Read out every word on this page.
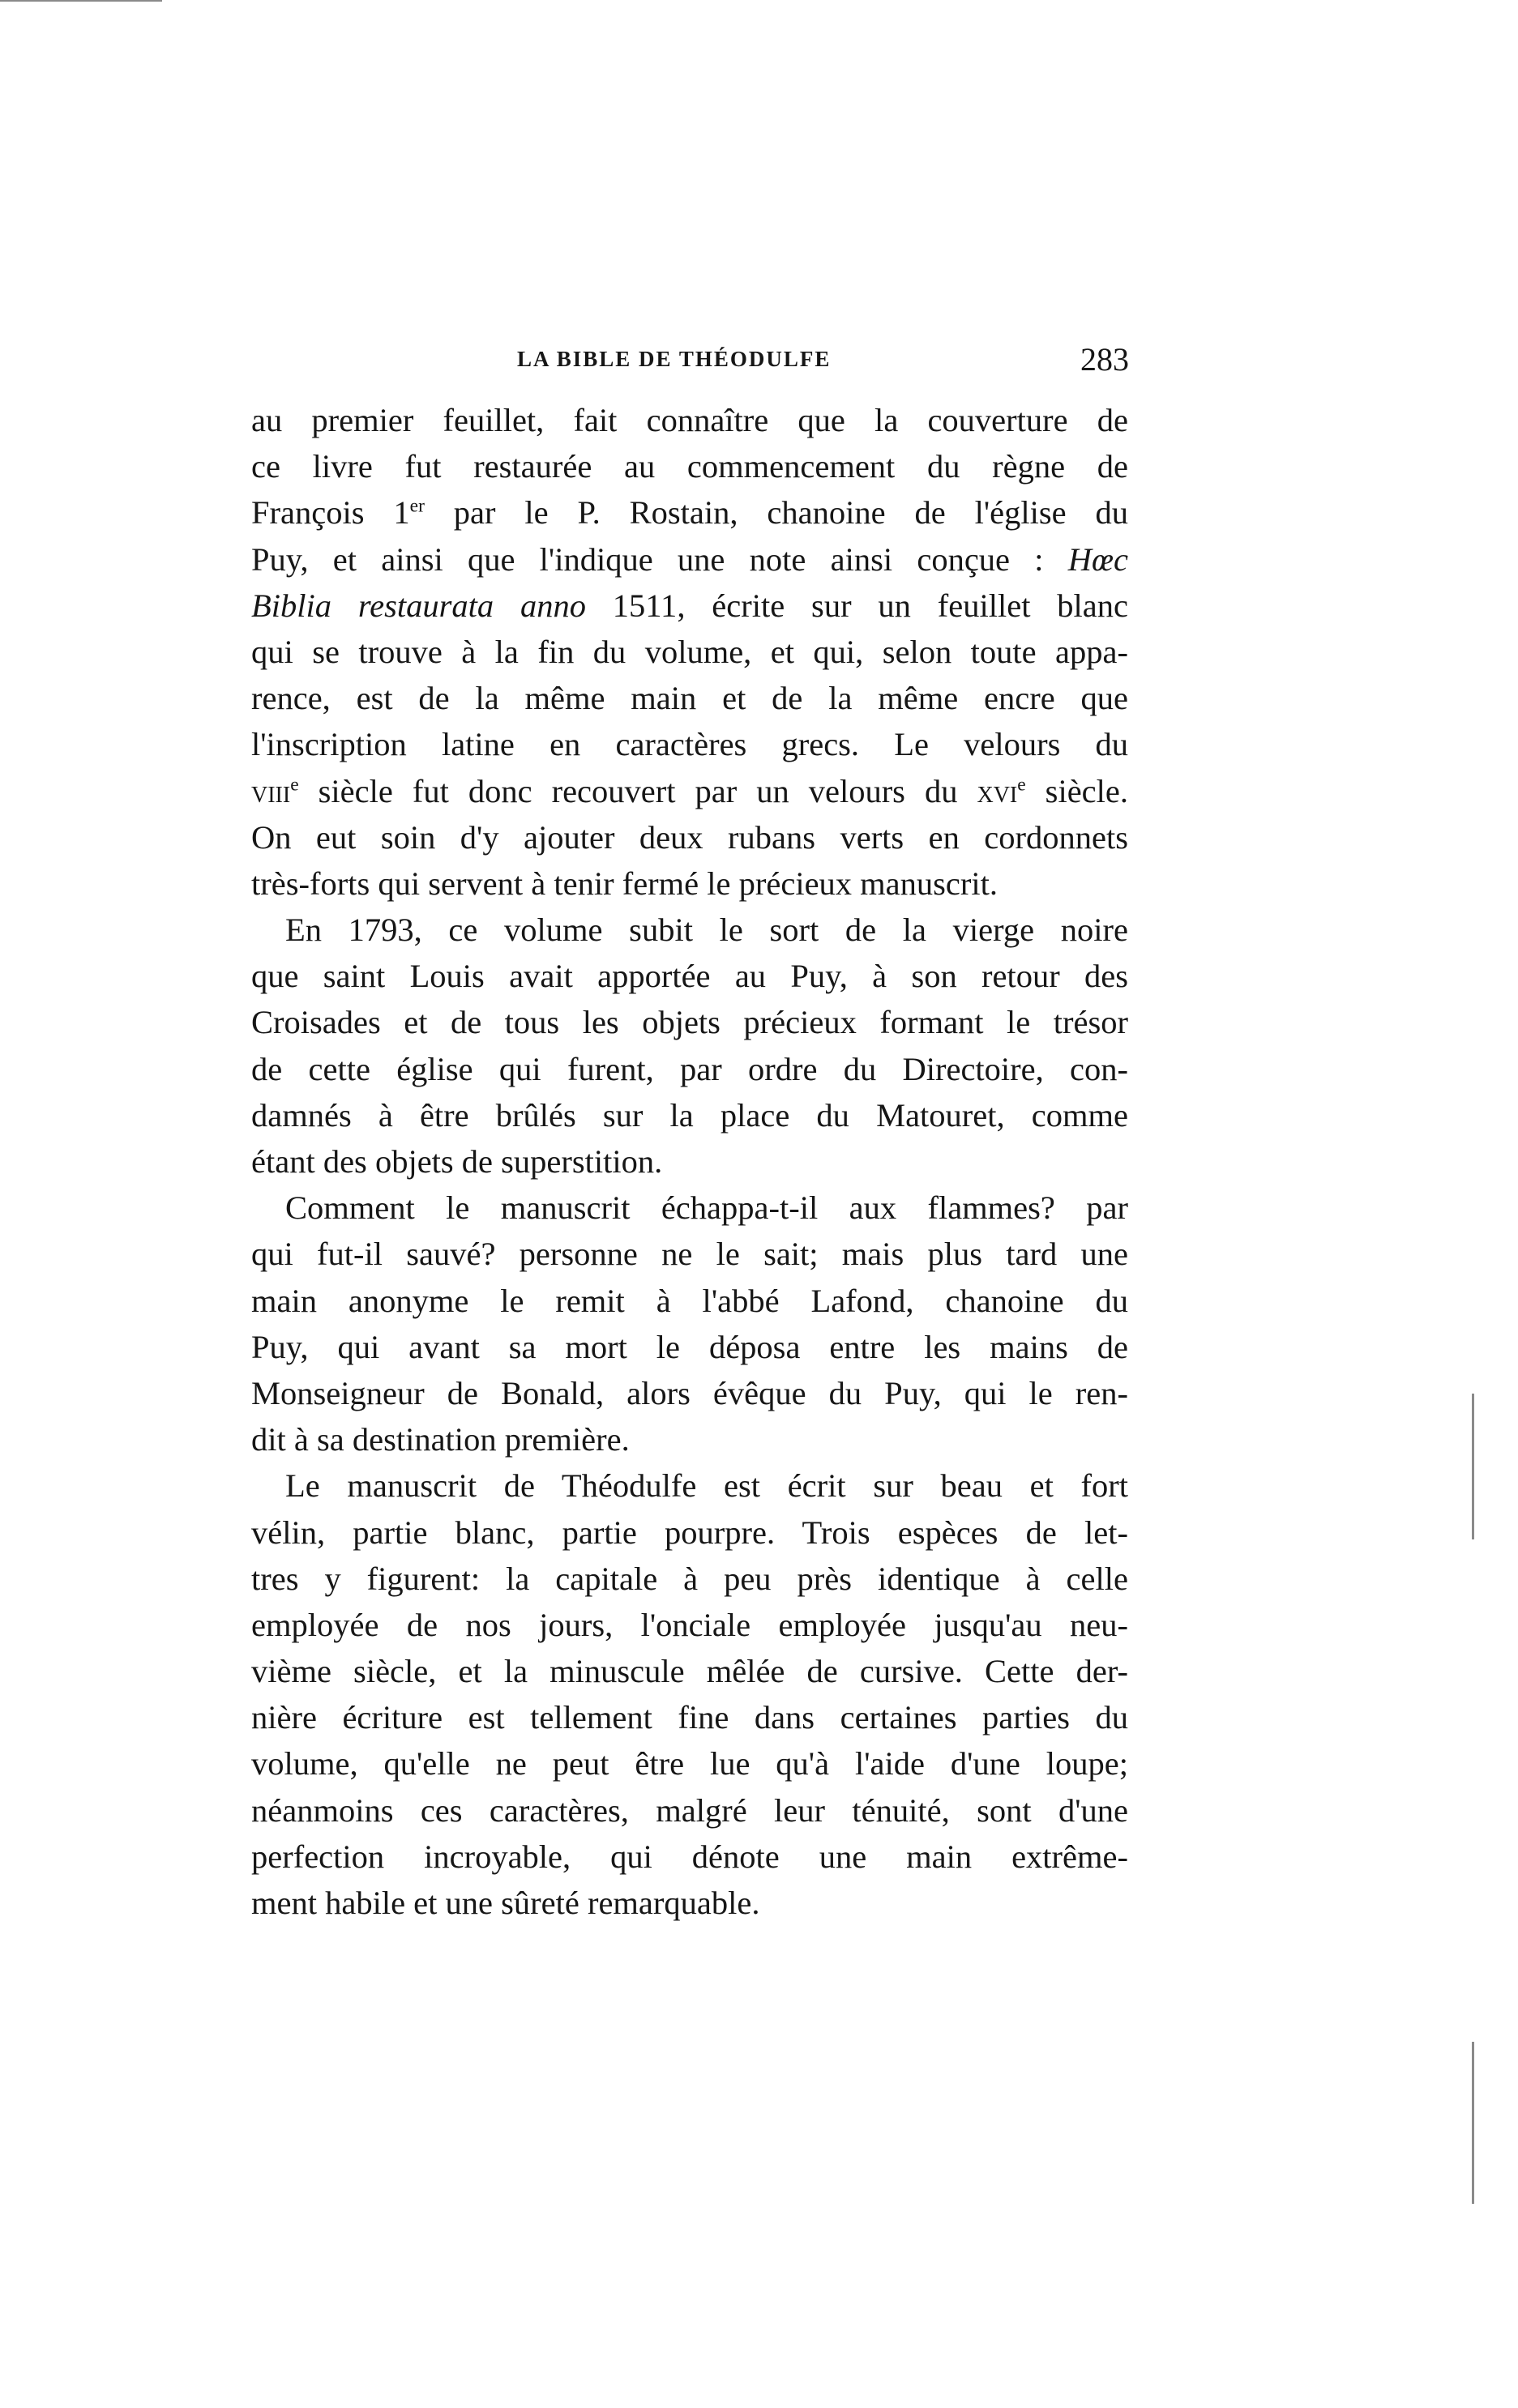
LA BIBLE DE THÉODULFE	283
au premier feuillet, fait connaître que la couverture de
ce livre fut restaurée au commencement du règne de
François 1er par le P. Rostain, chanoine de l'église du
Puy, et ainsi que l'indique une note ainsi conçue : Hœc
Biblia restaurata anno 1511, écrite sur un feuillet blanc
qui se trouve à la fin du volume, et qui, selon toute appa-
rence, est de la même main et de la même encre que
l'inscription latine en caractères grecs. Le velours du
viii$^e$ siècle fut donc recouvert par un velours du xvi$^e$ siècle.
On eut soin d'y ajouter deux rubans verts en cordonnets
très-forts qui servent à tenir fermé le précieux manuscrit.
En 1793, ce volume subit le sort de la vierge noire
que saint Louis avait apportée au Puy, à son retour des
Croisades et de tous les objets précieux formant le trésor
de cette église qui furent, par ordre du Directoire, con-
damnés à être brûlés sur la place du Matouret, comme
étant des objets de superstition.
Comment le manuscrit échappa-t-il aux flammes? par
qui fut-il sauvé? personne ne le sait; mais plus tard une
main anonyme le remit à l'abbé Lafond, chanoine du
Puy, qui avant sa mort le déposa entre les mains de
Monseigneur de Bonald, alors évêque du Puy, qui le ren-
dit à sa destination première.
Le manuscrit de Théodulfe est écrit sur beau et fort
vélin, partie blanc, partie pourpre. Trois espèces de let-
tres y figurent: la capitale à peu près identique à celle
employée de nos jours, l'onciale employée jusqu'au neu-
vième siècle, et la minuscule mêlée de cursive. Cette der-
nière écriture est tellement fine dans certaines parties du
volume, qu'elle ne peut être lue qu'à l'aide d'une loupe;
néanmoins ces caractères, malgré leur ténuité, sont d'une
perfection incroyable, qui dénote une main extrême-
ment habile et une sûreté remarquable.
